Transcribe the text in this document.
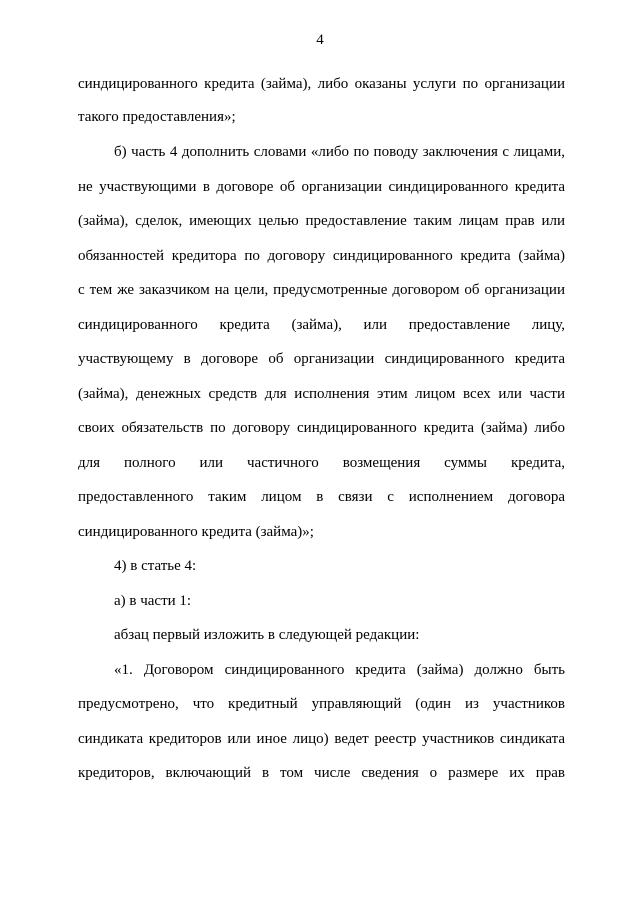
4
синдицированного кредита (займа), либо оказаны услуги по организации
такого предоставления»;
б) часть 4 дополнить словами «либо по поводу заключения с лицами,
не участвующими в договоре об организации синдицированного кредита
(займа), сделок, имеющих целью предоставление таким лицам прав или
обязанностей кредитора по договору синдицированного кредита (займа)
с тем же заказчиком на цели, предусмотренные договором об организации
синдицированного кредита (займа), или предоставление лицу,
участвующему в договоре об организации синдицированного кредита
(займа), денежных средств для исполнения этим лицом всех или части
своих обязательств по договору синдицированного кредита (займа) либо
для полного или частичного возмещения суммы кредита,
предоставленного таким лицом в связи с исполнением договора
синдицированного кредита (займа)»;
4) в статье 4:
а) в части 1:
абзац первый изложить в следующей редакции:
«1. Договором синдицированного кредита (займа) должно быть
предусмотрено, что кредитный управляющий (один из участников
синдиката кредиторов или иное лицо) ведет реестр участников синдиката
кредиторов, включающий в том числе сведения о размере их прав
